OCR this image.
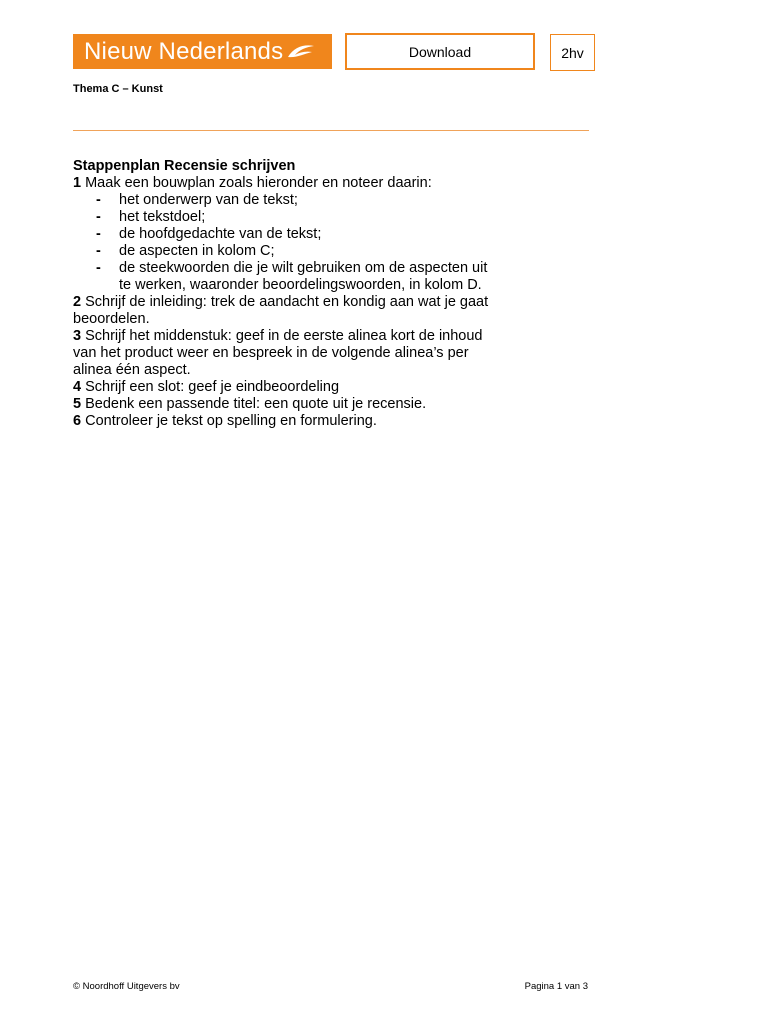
Nieuw Nederlands	Download	2hv
Thema C – Kunst
Stappenplan Recensie schrijven
1 Maak een bouwplan zoals hieronder en noteer daarin:
-	het onderwerp van de tekst;
-	het tekstdoel;
-	de hoofdgedachte van de tekst;
-	de aspecten in kolom C;
-	de steekwoorden die je wilt gebruiken om de aspecten uit te werken, waaronder beoordelingswoorden, in kolom D.
2 Schrijf de inleiding: trek de aandacht en kondig aan wat je gaat beoordelen.
3 Schrijf het middenstuk: geef in de eerste alinea kort de inhoud van het product weer en bespreek in de volgende alinea’s per alinea één aspect.
4 Schrijf een slot: geef je eindbeoordeling
5 Bedenk een passende titel: een quote uit je recensie.
6 Controleer je tekst op spelling en formulering.
© Noordhoff Uitgevers bv	Pagina 1 van 3
